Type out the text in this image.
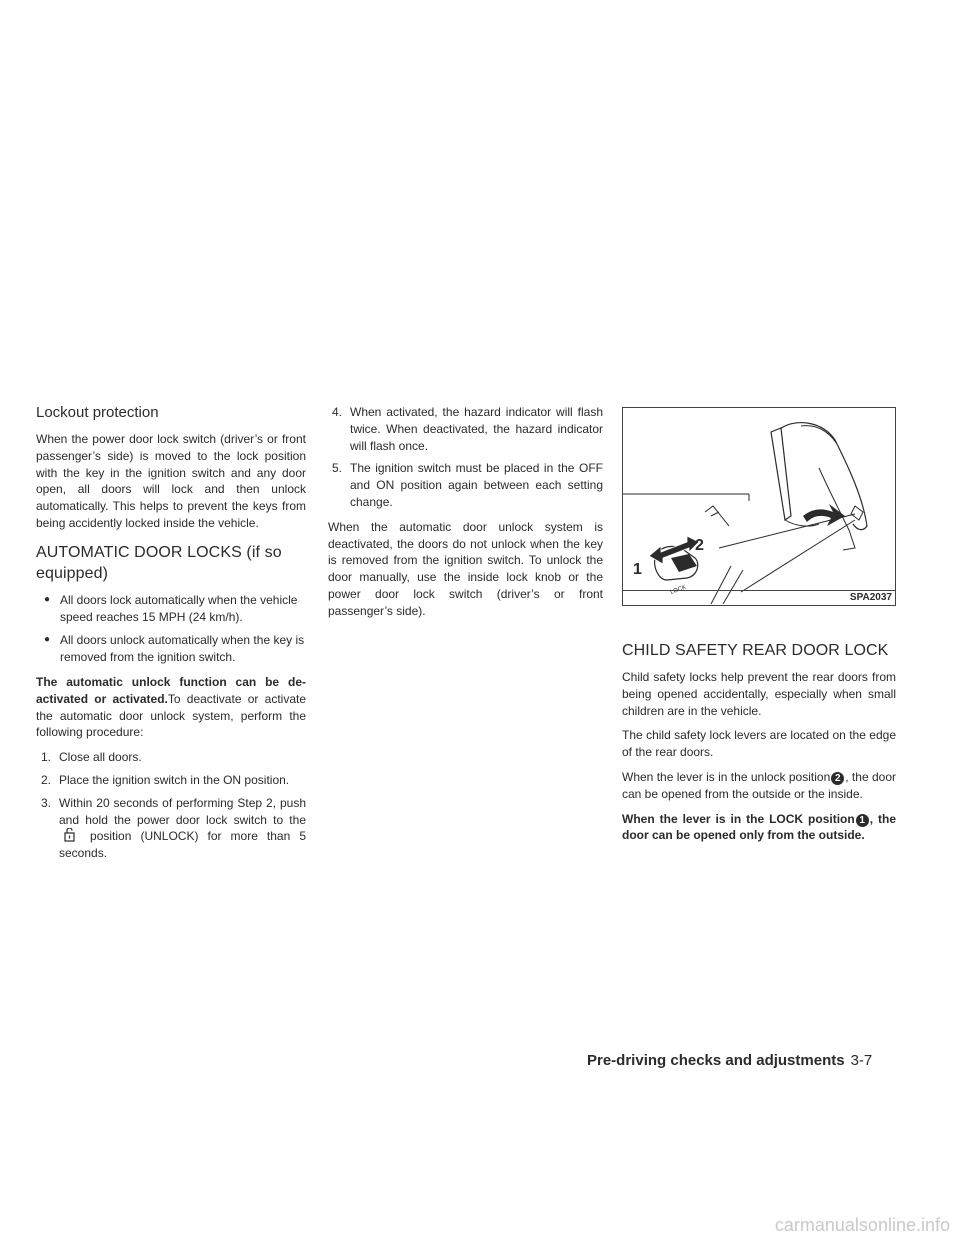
Lockout protection

When the power door lock switch (driver’s or front passenger’s side) is moved to the lock position with the key in the ignition switch and any door open, all doors will lock and then unlock automatically. This helps to prevent the keys from being accidently locked inside the vehicle.

AUTOMATIC DOOR LOCKS (if so equipped)
● All doors lock automatically when the vehicle speed reaches 15 MPH (24 km/h).
● All doors unlock automatically when the key is removed from the ignition switch.

The automatic unlock function can be de-activated or activated.To deactivate or activate the automatic door unlock system, perform the following procedure:

1. Close all doors.
2. Place the ignition switch in the ON position.
3. Within 20 seconds of performing Step 2, push and hold the power door lock switch to the  position (UNLOCK) for more than 5 seconds.
4. When activated, the hazard indicator will flash twice. When deactivated, the hazard indicator will flash once.
5. The ignition switch must be placed in the OFF and ON position again between each setting change.

When the automatic door unlock system is deactivated, the doors do not unlock when the key is removed from the ignition switch. To unlock the door manually, use the inside lock knob or the power door lock switch (driver’s or front passenger’s side).

1
2
LOCK
SPA2037
CHILD SAFETY REAR DOOR LOCK

Child safety locks help prevent the rear doors from being opened accidentally, especially when small children are in the vehicle.

The child safety lock levers are located on the edge of the rear doors.

When the lever is in the unlock position 2 , the door can be opened from the outside or the inside.

When the lever is in the LOCK position 1 , the door can be opened only from the outside.

Pre-driving checks and adjustments 3-7
carmanualsonline.info
